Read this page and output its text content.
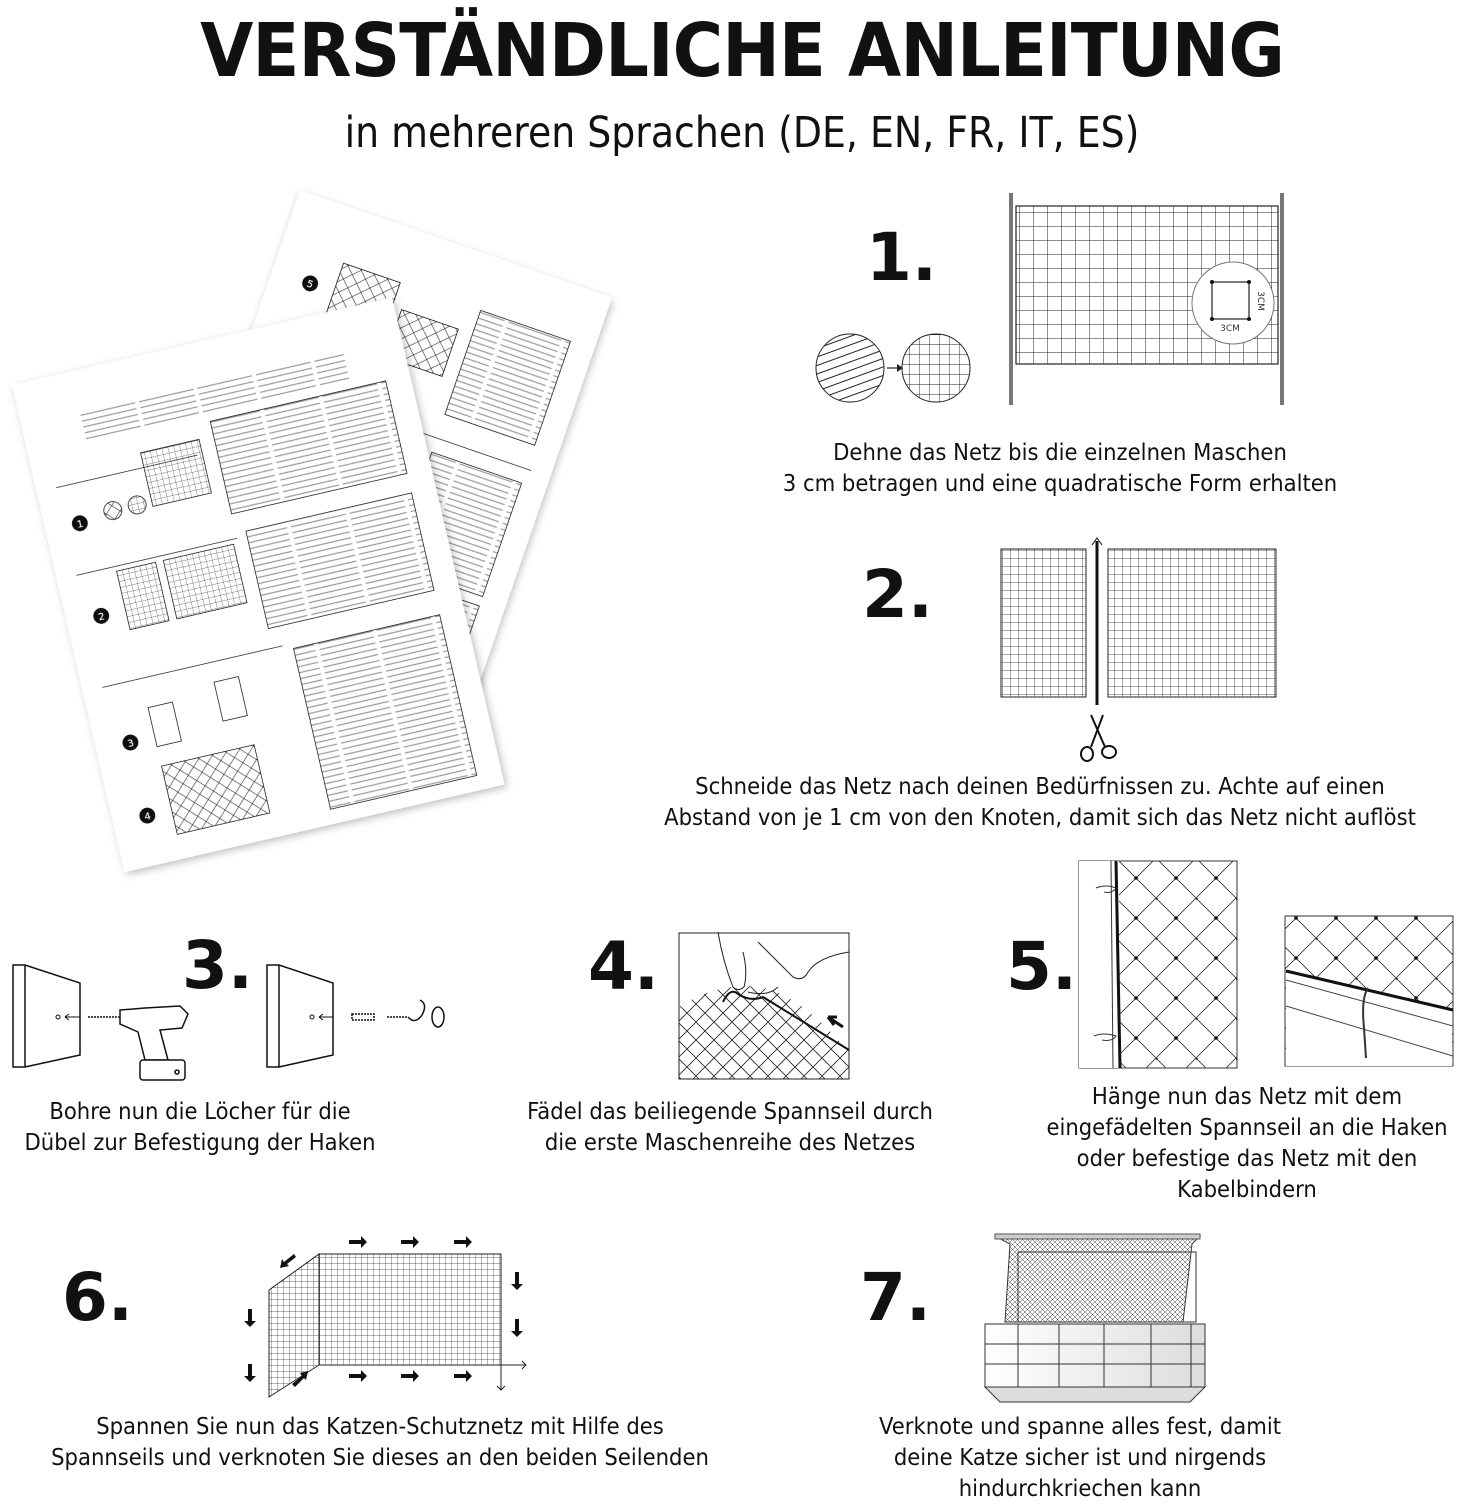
VERSTÄNDLICHE ANLEITUNG
in mehreren Sprachen (DE, EN, FR, IT, ES)
5
1
2
3
4
1.
3CM
3CM
Dehne das Netz bis die einzelnen Maschen
3 cm betragen und eine quadratische Form erhalten
2.
Schneide das Netz nach deinen Bedürfnissen zu. Achte auf einen
Abstand von je 1 cm von den Knoten, damit sich das Netz nicht auflöst
3.
Bohre nun die Löcher für die
Dübel zur Befestigung der Haken
4.
Fädel das beiliegende Spannseil durch
die erste Maschenreihe des Netzes
5.
Hänge nun das Netz mit dem
eingefädelten Spannseil an die Haken
oder befestige das Netz mit den
Kabelbindern
6.
Spannen Sie nun das Katzen-Schutznetz mit Hilfe des
Spannseils und verknoten Sie dieses an den beiden Seilenden
7.
Verknote und spanne alles fest, damit
deine Katze sicher ist und nirgends
hindurchkriechen kann
